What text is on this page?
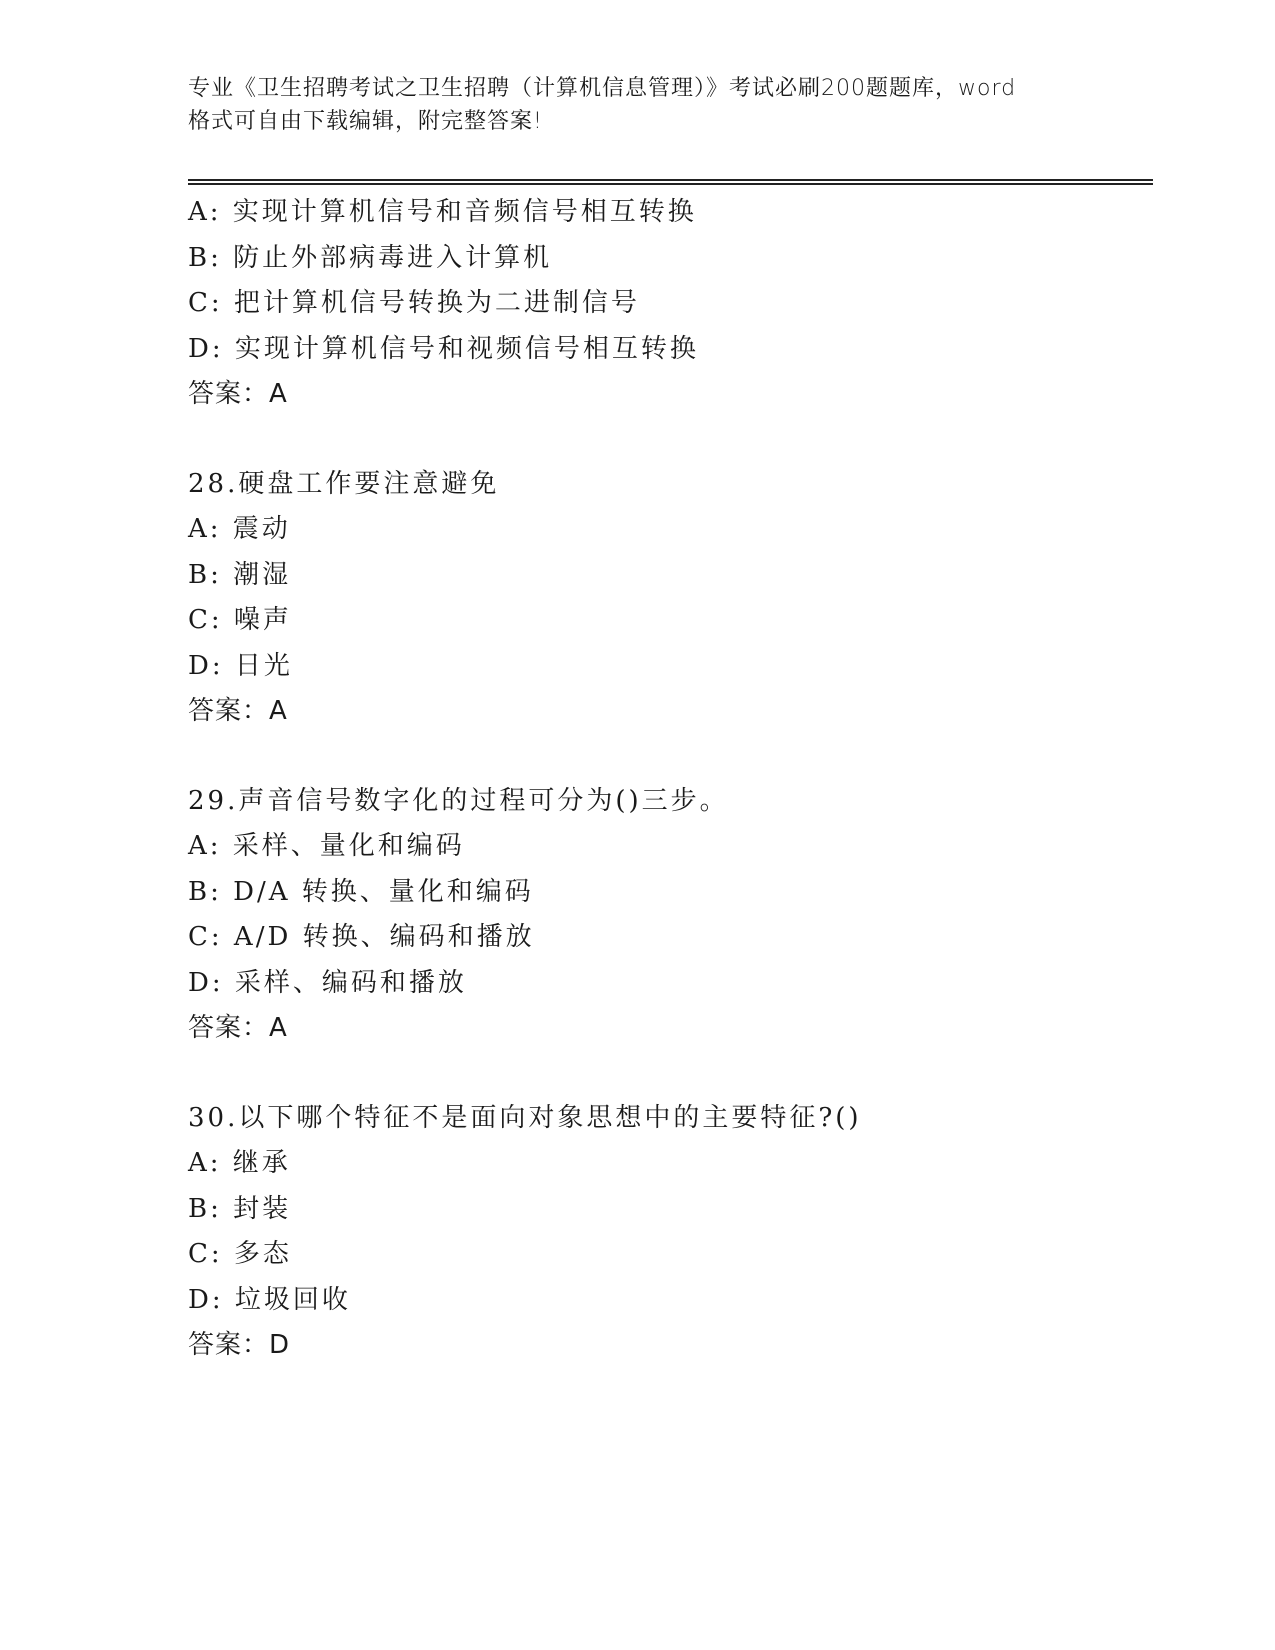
专业《卫生招聘考试之卫生招聘（计算机信息管理）》考试必刷200题题库，word
格式可自由下载编辑，附完整答案!
A: 实现计算机信号和音频信号相互转换
B: 防止外部病毒进入计算机
C: 把计算机信号转换为二进制信号
D: 实现计算机信号和视频信号相互转换
答案：A
28.硬盘工作要注意避免
A: 震动
B: 潮湿
C: 噪声
D: 日光
答案：A
29.声音信号数字化的过程可分为()三步。
A: 采样、量化和编码
B: D/A 转换、量化和编码
C: A/D 转换、编码和播放
D: 采样、编码和播放
答案：A
30.以下哪个特征不是面向对象思想中的主要特征?()
A: 继承
B: 封装
C: 多态
D: 垃圾回收
答案：D
